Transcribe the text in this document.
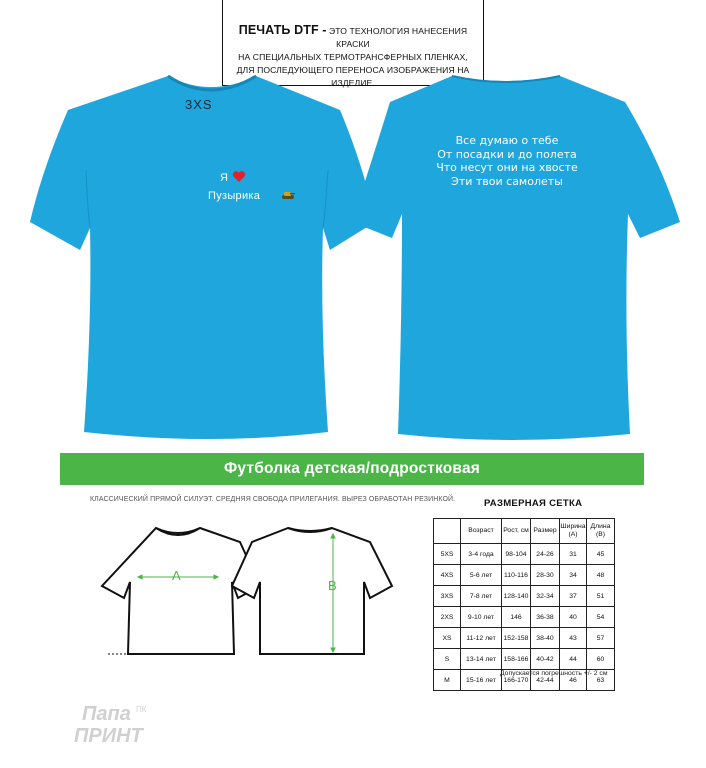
ПЕЧАТЬ DTF - ЭТО ТЕХНОЛОГИЯ НАНЕСЕНИЯ КРАСКИ
НА СПЕЦИАЛЬНЫХ ТЕРМОТРАНСФЕРНЫХ ПЛЕНКАХ,
ДЛЯ ПОСЛЕДУЮЩЕГО ПЕРЕНОСА ИЗОБРАЖЕНИЯ НА ИЗДЕЛИЕ.
3XS
Я
Пузырика
Все думаю о тебе
От посадки и до полета
Что несут они на хвосте
Эти твои самолеты
Футболка детская/подростковая
КЛАССИЧЕСКИЙ ПРЯМОЙ СИЛУЭТ. СРЕДНЯЯ СВОБОДА ПРИЛЕГАНИЯ. ВЫРЕЗ ОБРАБОТАН РЕЗИНКОЙ.
A
B
РАЗМЕРНАЯ СЕТКА
	Возраст	Рост, см	Размер	Ширина (А)	Длина (В)
5XS	3-4 года	98-104	24-26	31	45
4XS	5-6 лет	110-116	28-30	34	48
3XS	7-8 лет	128-140	32-34	37	51
2XS	9-10 лет	146	36-38	40	54
XS	11-12 лет	152-158	38-40	43	57
S	13-14 лет	158-166	40-42	44	60
M	15-16 лет	166-170	42-44	46	63
Допускается погрешность +/- 2 см
Папа ПК
ПРИНТ
